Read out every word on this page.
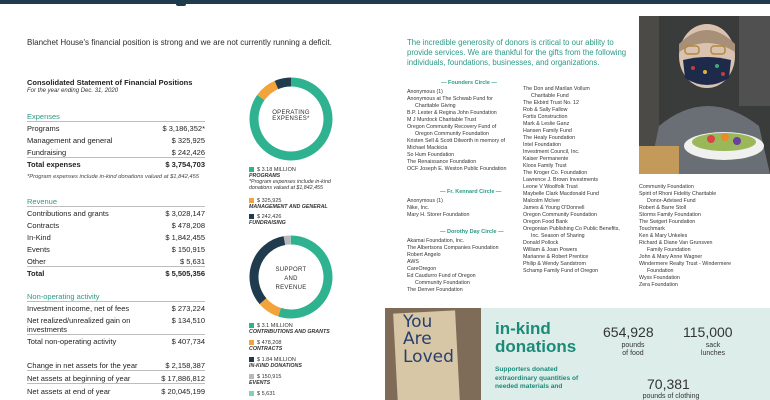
Blanchet House's financial position is strong and we are not currently running a deficit.
Consolidated Statement of Financial Positions
For the year ending Dec. 31, 2020
Expenses
Programs	$ 3,186,352*
Management and general	$ 325,925
Fundraising	$ 242,426
Total expenses	$ 3,754,703
*Program expenses include in-kind donations valued at $1,842,455
Revenue
Contributions and grants	$ 3,028,147
Contracts	$ 478,208
In-Kind	$ 1,842,455
Events	$ 150,915
Other	$ 5,631
Total	$ 5,505,356
Non-operating activity
Investment income, net of fees	$ 273,224
Net realized/unrealized gain on investments
$ 134,510
Total non-operating activity	$ 407,734
Change in net assets for the year	$ 2,158,387
Net assets at beginning of year	$ 17,886,812
Net assets at end of year	$ 20,045,199
OPERATING EXPENSES*
$ 3.18 MILLION
PROGRAMS
*Program expenses include in-kind donations valued at $1,842,455
$ 325,925
MANAGEMENT AND GENERAL
$ 242,426
FUNDRAISING
SUPPORT AND REVENUE
$ 3.1 MILLION
CONTRIBUTIONS AND GRANTS
$ 478,208
CONTRACTS
$ 1.84 MILLION
IN-KIND DONATIONS
$ 150,915
EVENTS
$ 5,631
The incredible generosity of donors is critical to our ability to provide services. We are thankful for the gifts from the following individuals, foundations, businesses, and organizations.
— Founders Circle —
Anonymous (1)
Anonymous at The Schwab Fund for
Charitable Giving
B.P. Lester & Regina John Foundation
M J Murdock Charitable Trust
Oregon Community Recovery Fund of
Oregon Community Foundation
Kristen Sell & Scott Dilworth in memory of
Michael Mackicia
So Hum Foundation
The Renaissance Foundation
OCF Joseph E. Weston Public Foundation
The Don and Marilan Vollum
Charitable Fund
The Ekbird Trust No. 12
Rob & Sally Fallow
Fortis Construction
Mark & Leslie Ganz
Hansen Family Fund
The Healy Foundation
Intel Foundation
Investment Council, Inc.
Kaiser Permanente
Kloos Family Trust
The Kroger Co. Foundation
Lawrence J. Brown Investments
Leone V Woolfolk Trust
Maybelle Clark Macdonald Fund
Malcolm McIver
James & Young O'Donnell
Oregon Community Foundation
Oregon Food Bank
Oregonian Publishing Co Public Benefits,
Inc. Season of Sharing
Donald Pollock
William & Joan Powers
Marianne & Robert Prentice
Philip & Wendy Sandstrom
Schamp Family Fund of Oregon
— Fr. Kennard Circle —
Anonymous (1)
Nike, Inc.
Mary H. Storer Foundation
— Dorothy Day Circle —
Akamai Foundation, Inc.
The Albertsons Companies Foundation
Robert Angelo
AWS
CareOregon
Ed Caudurro Fund of Oregon
Community Foundation
The Denver Foundation
Community Foundation
Spirit of Rhoni Fidelity Charitable
Donor-Advised Fund
Robert & Barre Stoll
Storms Family Foundation
The Swigert Foundation
Touchmark
Ken & Mary Unkeles
Richard & Diane Van Grunsven
Family Foundation
John & Mary Anne Wagner
Windermere Realty Trust - Windermere
Foundation
Wyss Foundation
Zera Foundation
You
Are
Loved
in-kind
donations
Supporters donated extraordinary quantities of needed materials and
654,928
pounds
of food
115,000
sack
lunches
70,381
pounds of clothing
